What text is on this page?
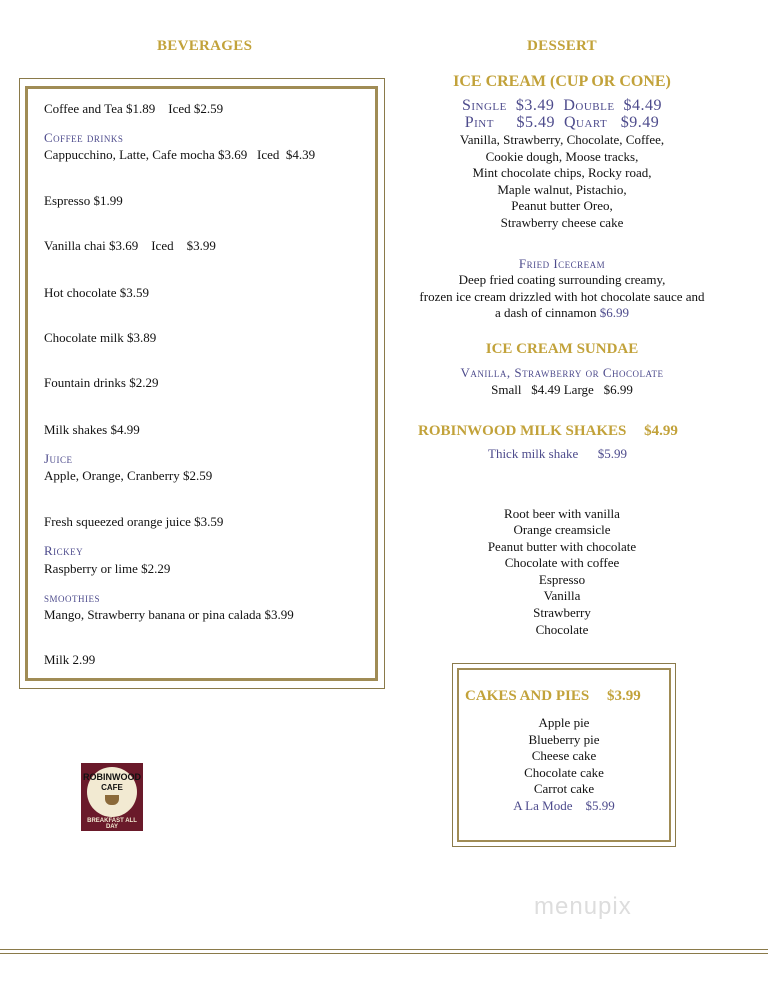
BEVERAGES
Coffee and Tea $1.89    Iced $2.59
Coffee drinks
Cappucchino, Latte, Cafe mocha $3.69   Iced  $4.39
Espresso $1.99
Vanilla chai $3.69    Iced    $3.99
Hot chocolate $3.59
Chocolate milk $3.89
Fountain drinks $2.29
Milk shakes $4.99
Juice
Apple, Orange, Cranberry $2.59
Fresh squeezed orange juice $3.59
Rickey
Raspberry or lime $2.29
smoothies
Mango, Strawberry banana or pina calada $3.99
Milk 2.99
ROBINWOOD
CAFE
BREAKFAST ALL DAY
DESSERT
ICE CREAM (CUP OR CONE)
Single  $3.49  Double  $4.49
Pint     $5.49  Quart   $9.49
Vanilla, Strawberry, Chocolate, Coffee,
Cookie dough, Moose tracks,
Mint chocolate chips, Rocky road,
Maple walnut, Pistachio,
Peanut butter Oreo,
Strawberry cheese cake
Fried Icecream
Deep fried coating surrounding creamy,
frozen ice cream drizzled with hot chocolate sauce and
a dash of cinnamon $6.99
ICE CREAM SUNDAE
Vanilla, Strawberry or Chocolate
Small   $4.49 Large   $6.99
ROBINWOOD MILK SHAKES $4.99
Thick milk shake      $5.99
Root beer with vanilla
Orange creamsicle
Peanut butter with chocolate
Chocolate with coffee
Espresso
Vanilla
Strawberry
Chocolate
CAKES AND PIES $3.99
Apple pie
Blueberry pie
Cheese cake
Chocolate cake
Carrot cake
A La Mode    $5.99
menupix
